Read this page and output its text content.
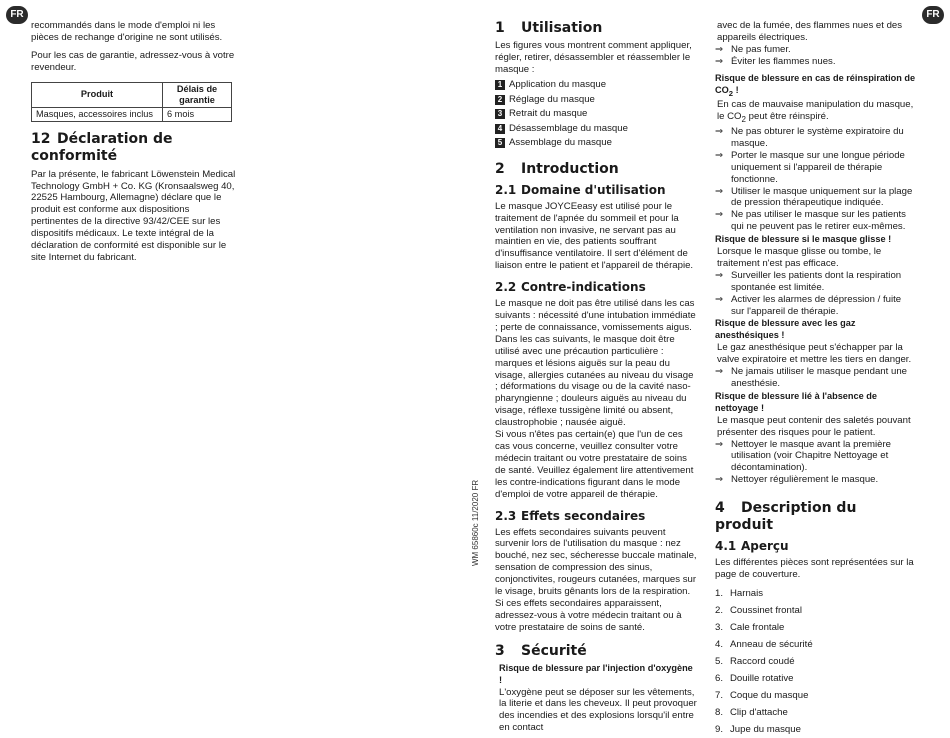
FR

recommandés dans le mode d'emploi ni les pièces de rechange d'origine ne sont utilisés.

Pour les cas de garantie, adressez-vous à votre revendeur.

Produit	Délais de garantie
Masques, accessoires inclus	6 mois
12 Déclaration de conformité

Par la présente, le fabricant Löwenstein Medical Technology GmbH + Co. KG (Kronsaalsweg 40, 22525 Hambourg, Allemagne) déclare que le produit est conforme aux dispositions pertinentes de la directive 93/42/CEE sur les dispositifs médicaux. Le texte intégral de la déclaration de conformité est disponible sur le site Internet du fabricant.

WM 65860c 11/2020 FR
FR
1 Utilisation

Les figures vous montrent comment appliquer, régler, retirer, désassembler et réassembler le masque :

1 Application du masque
2 Réglage du masque
3 Retrait du masque
4 Désassemblage du masque
5 Assemblage du masque
2 Introduction
2.1 Domaine d'utilisation

Le masque JOYCEeasy est utilisé pour le traitement de l'apnée du sommeil et pour la ventilation non invasive, ne servant pas au maintien en vie, des patients souffrant d'insuffisance ventilatoire. Il sert d'élément de liaison entre le patient et l'appareil de thérapie.

2.2 Contre-indications

Le masque ne doit pas être utilisé dans les cas suivants : nécessité d'une intubation immédiate ; perte de connaissance, vomissements aigus.

Dans les cas suivants, le masque doit être utilisé avec une précaution particulière : marques et lésions aiguës sur la peau du visage, allergies cutanées au niveau du visage ; déformations du visage ou de la cavité naso-pharyngienne ; douleurs aiguës au niveau du visage, réflexe tussigène limité ou absent, claustrophobie ; nausée aiguë.

Si vous n'êtes pas certain(e) que l'un de ces cas vous concerne, veuillez consulter votre médecin traitant ou votre prestataire de soins de santé. Veuillez également lire attentivement les contre-indications figurant dans le mode d'emploi de votre appareil de thérapie.

2.3 Effets secondaires

Les effets secondaires suivants peuvent survenir lors de l'utilisation du masque : nez bouché, nez sec, sécheresse buccale matinale, sensation de compression des sinus, conjonctivites, rougeurs cutanées, marques sur le visage, bruits gênants lors de la respiration. Si ces effets secondaires apparaissent, adressez-vous à votre médecin traitant ou à votre prestataire de soins de santé.

3 Sécurité

Risque de blessure par l'injection d'oxygène !

L'oxygène peut se déposer sur les vêtements, la literie et dans les cheveux. Il peut provoquer des incendies et des explosions lorsqu'il entre en contact

avec de la fumée, des flammes nues et des appareils électriques.

⇒ Ne pas fumer.
⇒ Éviter les flammes nues.

Risque de blessure en cas de réinspiration de $CO_2$ !

En cas de mauvaise manipulation du masque, le $CO_2$ peut être réinspiré.

⇒ Ne pas obturer le système expiratoire du masque.
⇒ Porter le masque sur une longue période uniquement si l'appareil de thérapie fonctionne.
⇒ Utiliser le masque uniquement sur la plage de pression thérapeutique indiquée.
⇒ Ne pas utiliser le masque sur les patients qui ne peuvent pas le retirer eux-mêmes.

Risque de blessure si le masque glisse !

Lorsque le masque glisse ou tombe, le traitement n'est pas efficace.

⇒ Surveiller les patients dont la respiration spontanée est limitée.
⇒ Activer les alarmes de dépression / fuite sur l'appareil de thérapie.

Risque de blessure avec les gaz anesthésiques !

Le gaz anesthésique peut s'échapper par la valve expiratoire et mettre les tiers en danger.

⇒ Ne jamais utiliser le masque pendant une anesthésie.

Risque de blessure lié à l'absence de nettoyage !

Le masque peut contenir des saletés pouvant présenter des risques pour le patient.

⇒ Nettoyer le masque avant la première utilisation (voir Chapitre Nettoyage et décontamination).
⇒ Nettoyer régulièrement le masque.
4 Description du produit
4.1 Aperçu

Les différentes pièces sont représentées sur la page de couverture.

1. Harnais
2. Coussinet frontal
3. Cale frontale
4. Anneau de sécurité
5. Raccord coudé
6. Douille rotative
7. Coque du masque
8. Clip d'attache
9. Jupe du masque
